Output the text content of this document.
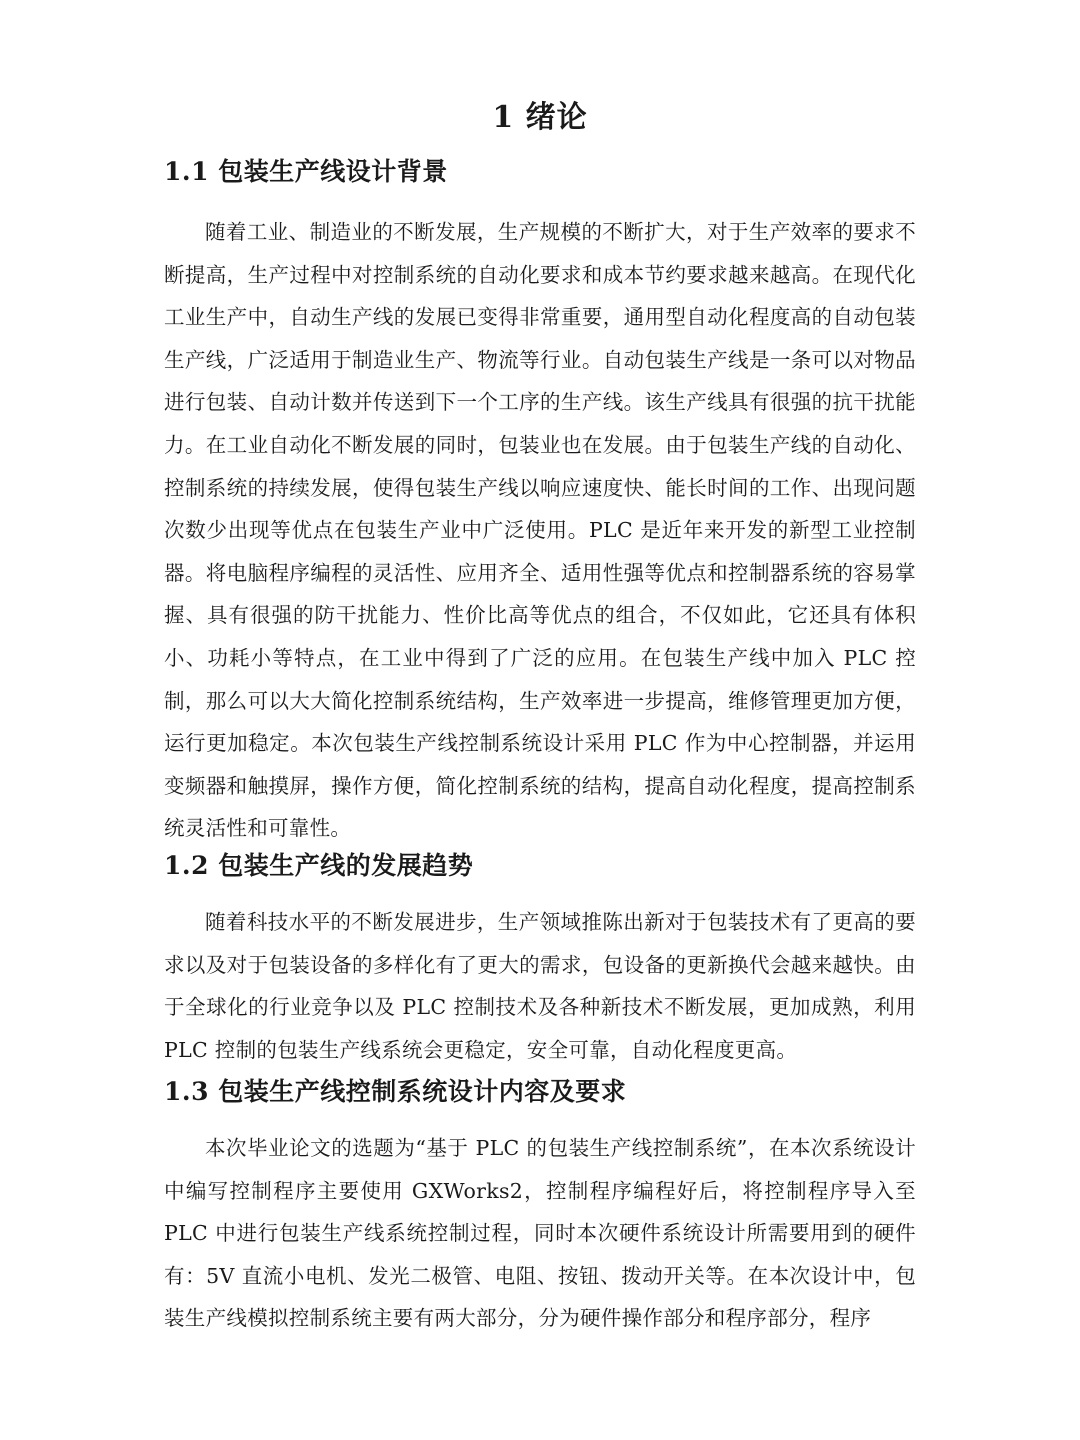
1 绪论
1.1 包装生产线设计背景

随着工业、制造业的不断发展，生产规模的不断扩大，对于生产效率的要求不断提高，生产过程中对控制系统的自动化要求和成本节约要求越来越高。在现代化工业生产中，自动生产线的发展已变得非常重要，通用型自动化程度高的自动包装生产线，广泛适用于制造业生产、物流等行业。自动包装生产线是一条可以对物品进行包装、自动计数并传送到下一个工序的生产线。该生产线具有很强的抗干扰能力。在工业自动化不断发展的同时，包装业也在发展。由于包装生产线的自动化、控制系统的持续发展，使得包装生产线以响应速度快、能长时间的工作、出现问题次数少出现等优点在包装生产业中广泛使用。PLC 是近年来开发的新型工业控制器。将电脑程序编程的灵活性、应用齐全、适用性强等优点和控制器系统的容易掌握、具有很强的防干扰能力、性价比高等优点的组合，不仅如此，它还具有体积小、功耗小等特点，在工业中得到了广泛的应用。在包装生产线中加入 PLC 控制，那么可以大大简化控制系统结构，生产效率进一步提高，维修管理更加方便，运行更加稳定。本次包装生产线控制系统设计采用 PLC 作为中心控制器，并运用变频器和触摸屏，操作方便，简化控制系统的结构，提高自动化程度，提高控制系统灵活性和可靠性。

1.2 包装生产线的发展趋势

随着科技水平的不断发展进步，生产领域推陈出新对于包装技术有了更高的要求以及对于包装设备的多样化有了更大的需求，包设备的更新换代会越来越快。由于全球化的行业竞争以及 PLC 控制技术及各种新技术不断发展，更加成熟，利用 PLC 控制的包装生产线系统会更稳定，安全可靠，自动化程度更高。

1.3 包装生产线控制系统设计内容及要求

本次毕业论文的选题为“基于 PLC 的包装生产线控制系统”，在本次系统设计中编写控制程序主要使用 GXWorks2，控制程序编程好后，将控制程序导入至 PLC 中进行包装生产线系统控制过程，同时本次硬件系统设计所需要用到的硬件有：5V 直流小电机、发光二极管、电阻、按钮、拨动开关等。在本次设计中，包装生产线模拟控制系统主要有两大部分，分为硬件操作部分和程序部分，程序
